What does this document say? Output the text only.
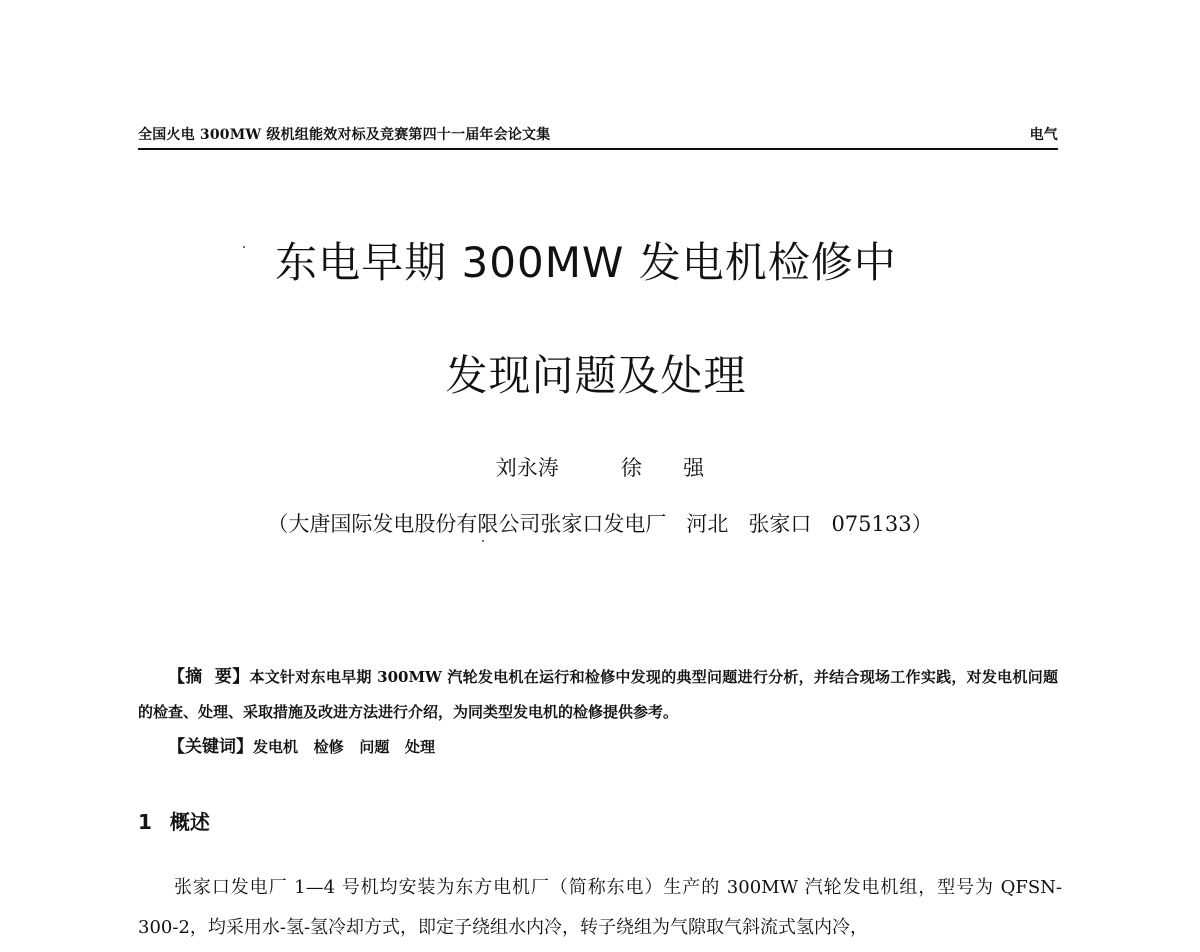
全国火电 300MW 级机组能效对标及竞赛第四十一届年会论文集	电气
东电早期 300MW 发电机检修中
发现问题及处理
刘永涛   徐  强
（大唐国际发电股份有限公司张家口发电厂   河北   张家口   075133）
【摘  要】本文针对东电早期 300MW 汽轮发电机在运行和检修中发现的典型问题进行分析，并结合现场工作实践，对发电机问题的检查、处理、采取措施及改进方法进行介绍，为同类型发电机的检修提供参考。
【关键词】发电机   检修   问题   处理
1 概述
张家口发电厂 1—4 号机均安装为东方电机厂（简称东电）生产的 300MW 汽轮发电机组，型号为 QFSN-300-2，均采用水-氢-氢冷却方式，即定子绕组水内冷，转子绕组为气隙取气斜流式氢内冷，
